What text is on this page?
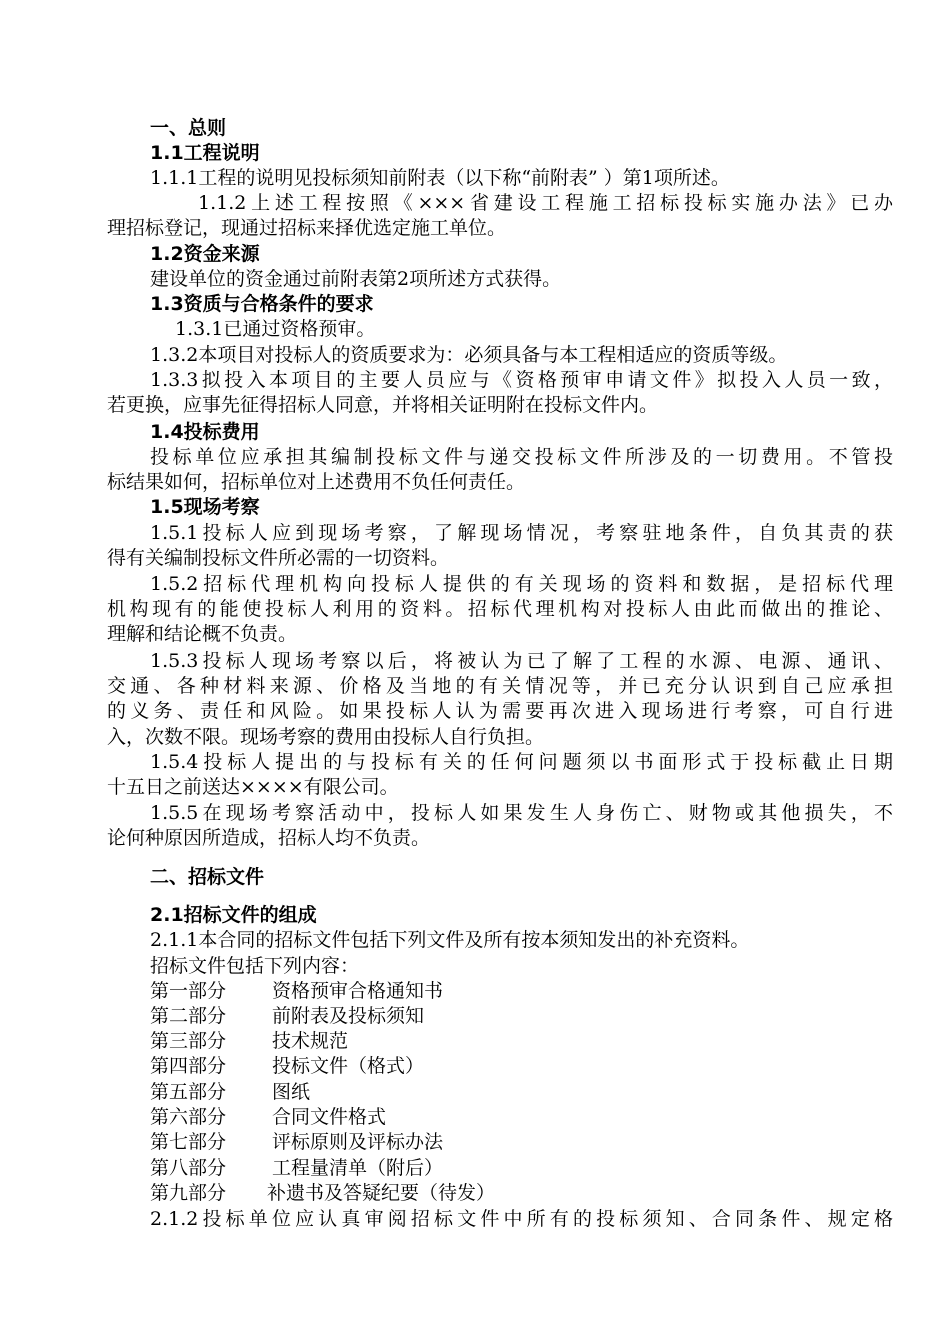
一、总则
1.1工程说明
1.1.1工程的说明见投标须知前附表（以下称“前附表” ）第1项所述。
1.1.2上述工程按照《×××省建设工程施工招标投标实施办法》已办
理招标登记，现通过招标来择优选定施工单位。
1.2资金来源
建设单位的资金通过前附表第2项所述方式获得。
1.3资质与合格条件的要求
1.3.1已通过资格预审。
1.3.2本项目对投标人的资质要求为：必须具备与本工程相适应的资质等级。
1.3.3拟投入本项目的主要人员应与《资格预审申请文件》拟投入人员一致，
若更换，应事先征得招标人同意，并将相关证明附在投标文件内。
1.4投标费用
投标单位应承担其编制投标文件与递交投标文件所涉及的一切费用。不管投
标结果如何，招标单位对上述费用不负任何责任。
1.5现场考察
1.5.1投标人应到现场考察，了解现场情况，考察驻地条件，自负其责的获
得有关编制投标文件所必需的一切资料。
1.5.2招标代理机构向投标人提供的有关现场的资料和数据，是招标代理
机构现有的能使投标人利用的资料。招标代理机构对投标人由此而做出的推论、
理解和结论概不负责。
1.5.3投标人现场考察以后，将被认为已了解了工程的水源、电源、通讯、
交通、各种材料来源、价格及当地的有关情况等，并已充分认识到自己应承担
的义务、责任和风险。如果投标人认为需要再次进入现场进行考察，可自行进
入，次数不限。现场考察的费用由投标人自行负担。
1.5.4投标人提出的与投标有关的任何问题须以书面形式于投标截止日期
十五日之前送达××××有限公司。
1.5.5在现场考察活动中，投标人如果发生人身伤亡、财物或其他损失，不
论何种原因所造成，招标人均不负责。
二、招标文件
2.1招标文件的组成
2.1.1本合同的招标文件包括下列文件及所有按本须知发出的补充资料。
招标文件包括下列内容：
第一部分 资格预审合格通知书
第二部分 前附表及投标须知
第三部分 技术规范
第四部分 投标文件（格式）
第五部分 图纸
第六部分 合同文件格式
第七部分 评标原则及评标办法
第八部分 工程量清单（附后）
第九部分 补遗书及答疑纪要（待发）
2.1.2投标单位应认真审阅招标文件中所有的投标须知、合同条件、规定格
